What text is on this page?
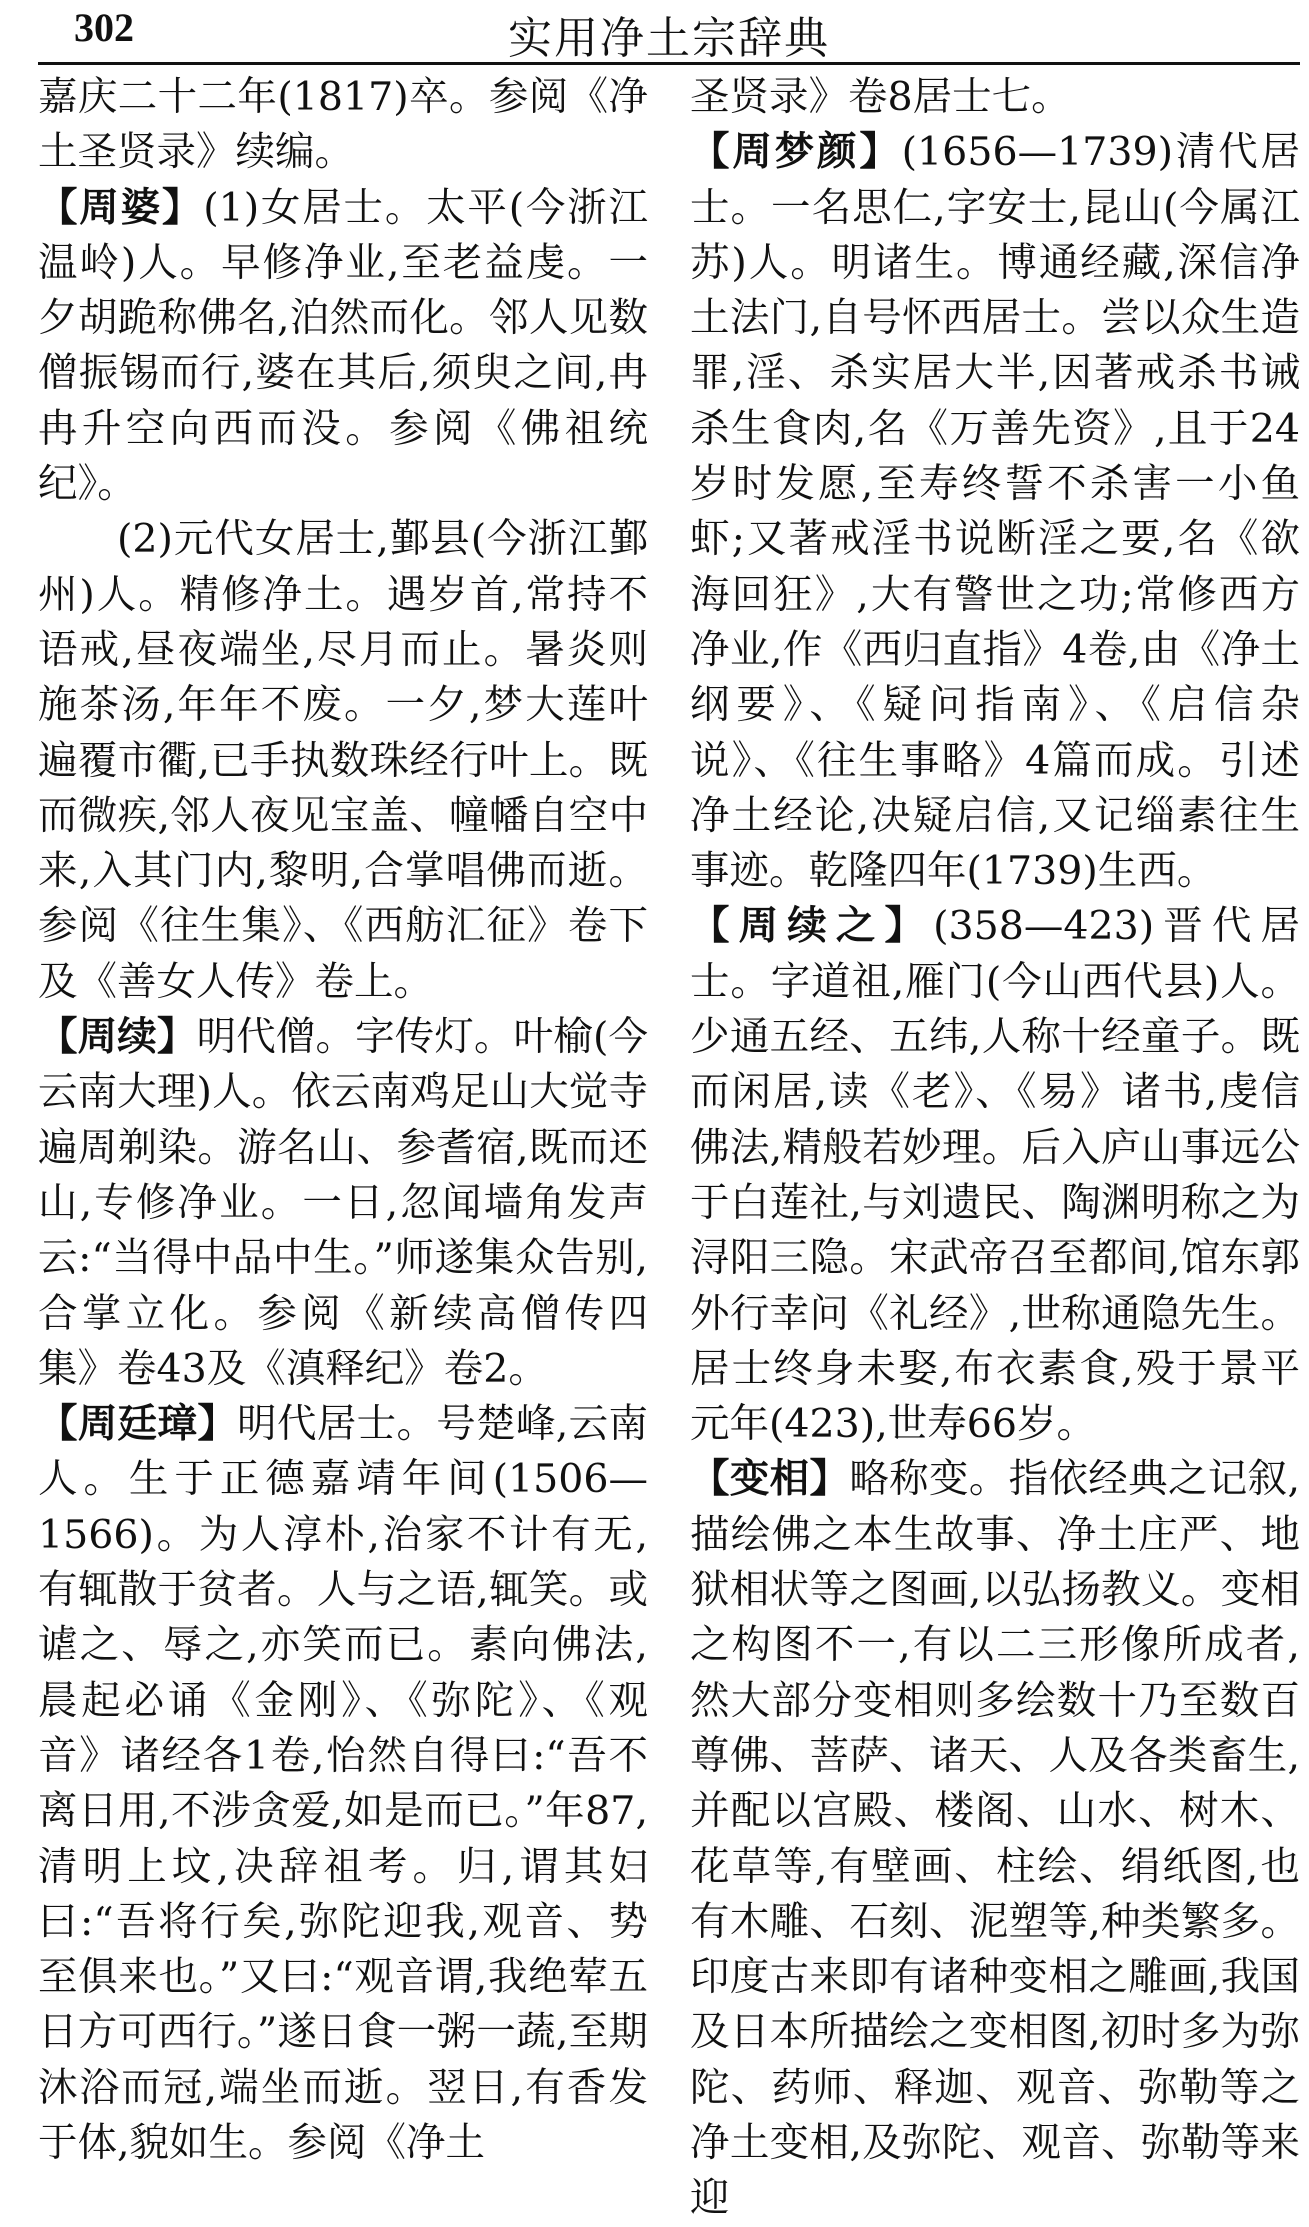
302	实用净土宗辞典

嘉庆二十二年(1817)卒。参阅《净土圣贤录》续编。

【周婆】(1)女居士。太平(今浙江温岭)人。早修净业,至老益虔。一夕胡跪称佛名,泊然而化。邻人见数僧振锡而行,婆在其后,须臾之间,冉冉升空向西而没。参阅《佛祖统纪》。

(2)元代女居士,鄞县(今浙江鄞州)人。精修净土。遇岁首,常持不语戒,昼夜端坐,尽月而止。暑炎则施茶汤,年年不废。一夕,梦大莲叶遍覆市衢,已手执数珠经行叶上。既而微疾,邻人夜见宝盖、幢幡自空中来,入其门内,黎明,合掌唱佛而逝。参阅《往生集》、《西舫汇征》卷下及《善女人传》卷上。

【周续】明代僧。字传灯。叶榆(今云南大理)人。依云南鸡足山大觉寺遍周剃染。游名山、参耆宿,既而还山,专修净业。一日,忽闻墙角发声云:“当得中品中生。”师遂集众告别,合掌立化。参阅《新续高僧传四集》卷43及《滇释纪》卷2。

【周廷璋】明代居士。号楚峰,云南人。生于正德嘉靖年间(1506—1566)。为人淳朴,治家不计有无,有辄散于贫者。人与之语,辄笑。或谑之、辱之,亦笑而已。素向佛法,晨起必诵《金刚》、《弥陀》、《观音》诸经各1卷,怡然自得曰:“吾不离日用,不涉贪爱,如是而已。”年87,清明上坟,决辞祖考。归,谓其妇曰:“吾将行矣,弥陀迎我,观音、势至俱来也。”又曰:“观音谓,我绝荤五日方可西行。”遂日食一粥一蔬,至期沐浴而冠,端坐而逝。翌日,有香发于体,貌如生。参阅《净土

圣贤录》卷8居士七。

【周梦颜】(1656—1739)清代居士。一名思仁,字安士,昆山(今属江苏)人。明诸生。博通经藏,深信净土法门,自号怀西居士。尝以众生造罪,淫、杀实居大半,因著戒杀书诫杀生食肉,名《万善先资》,且于24岁时发愿,至寿终誓不杀害一小鱼虾;又著戒淫书说断淫之要,名《欲海回狂》,大有警世之功;常修西方净业,作《西归直指》4卷,由《净土纲要》、《疑问指南》、《启信杂说》、《往生事略》4篇而成。引述净土经论,决疑启信,又记缁素往生事迹。乾隆四年(1739)生西。

【周续之】(358—423)晋代居士。字道祖,雁门(今山西代县)人。少通五经、五纬,人称十经童子。既而闲居,读《老》、《易》诸书,虔信佛法,精般若妙理。后入庐山事远公于白莲社,与刘遗民、陶渊明称之为浔阳三隐。宋武帝召至都间,馆东郭外行幸问《礼经》,世称通隐先生。居士终身未娶,布衣素食,殁于景平元年(423),世寿66岁。

【变相】略称变。指依经典之记叙,描绘佛之本生故事、净土庄严、地狱相状等之图画,以弘扬教义。变相之构图不一,有以二三形像所成者,然大部分变相则多绘数十乃至数百尊佛、菩萨、诸天、人及各类畜生,并配以宫殿、楼阁、山水、树木、花草等,有壁画、柱绘、绢纸图,也有木雕、石刻、泥塑等,种类繁多。印度古来即有诸种变相之雕画,我国及日本所描绘之变相图,初时多为弥陀、药师、释迦、观音、弥勒等之净土变相,及弥陀、观音、弥勒等来迎
